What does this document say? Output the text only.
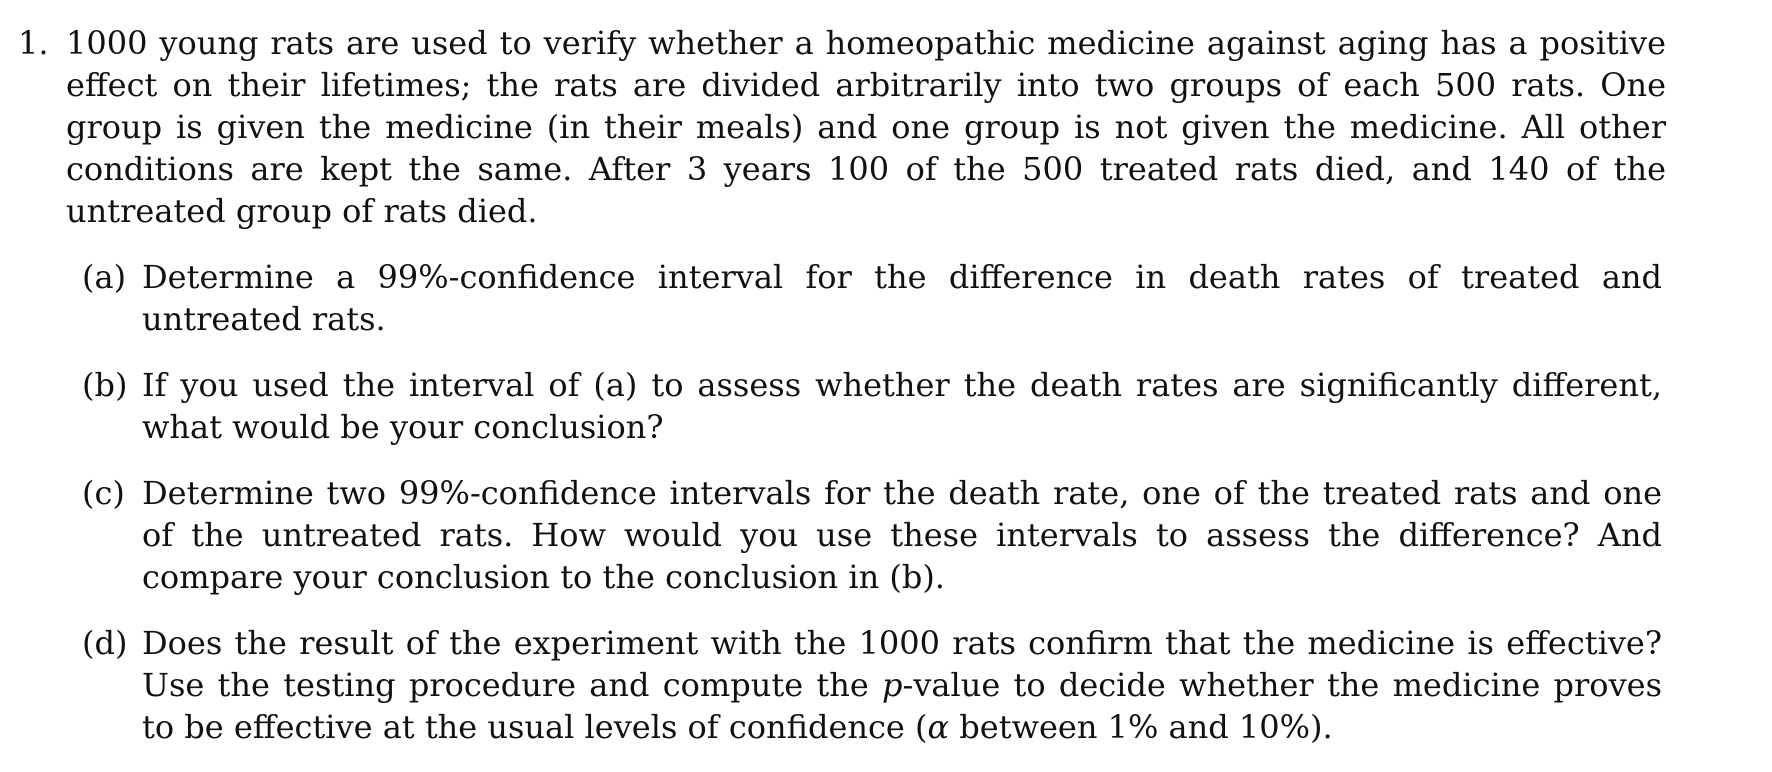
1. 1000 young rats are used to verify whether a homeopathic medicine against aging has a positive effect on their lifetimes; the rats are divided arbitrarily into two groups of each 500 rats. One group is given the medicine (in their meals) and one group is not given the medicine. All other conditions are kept the same. After 3 years 100 of the 500 treated rats died, and 140 of the untreated group of rats died.
(a) Determine a 99%-confidence interval for the difference in death rates of treated and untreated rats.
(b) If you used the interval of (a) to assess whether the death rates are significantly different, what would be your conclusion?
(c) Determine two 99%-confidence intervals for the death rate, one of the treated rats and one of the untreated rats. How would you use these intervals to assess the difference? And compare your conclusion to the conclusion in (b).
(d) Does the result of the experiment with the 1000 rats confirm that the medicine is effective? Use the testing procedure and compute the p-value to decide whether the medicine proves to be effective at the usual levels of confidence (α between 1% and 10%).
